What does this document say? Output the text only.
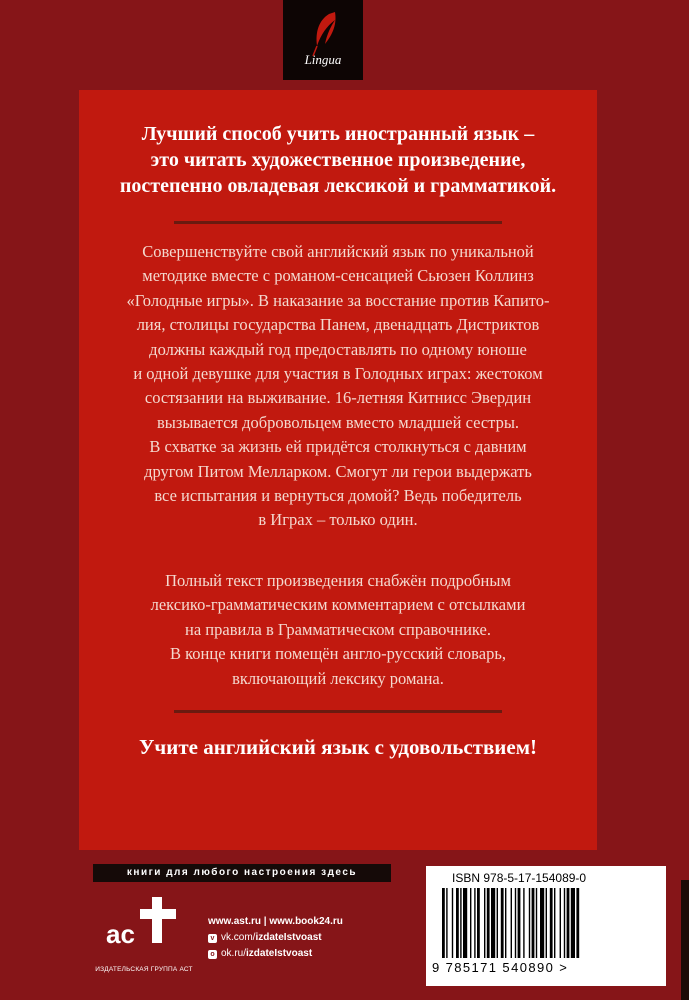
Lingua
Лучший способ учить иностранный язык –
это читать художественное произведение,
постепенно овладевая лексикой и грамматикой.
Совершенствуйте свой английский язык по уникальной
методике вместе с романом-сенсацией Сьюзен Коллинз
«Голодные игры». В наказание за восстание против Капито-
лия, столицы государства Панем, двенадцать Дистриктов
должны каждый год предоставлять по одному юноше
и одной девушке для участия в Голодных играх: жестоком
состязании на выживание. 16-летняя Китнисс Эвердин
вызывается добровольцем вместо младшей сестры.
В схватке за жизнь ей придётся столкнуться с давним
другом Питом Мелларком. Смогут ли герои выдержать
все испытания и вернуться домой? Ведь победитель
в Играх – только один.
Полный текст произведения снабжён подробным
лексико-грамматическим комментарием с отсылками
на правила в Грамматическом справочнике.
В конце книги помещён англо-русский словарь,
включающий лексику романа.
Учите английский язык с удовольствием!
книги для любого настроения здесь
ac
ИЗДАТЕЛЬСКАЯ ГРУППА АСТ
www.ast.ru | www.book24.ru
v vk.com/ izdateIstvoast
o ok.ru/ izdateIstvoast
ISBN 978-5-17-154089-0
9 785171 540890 >
